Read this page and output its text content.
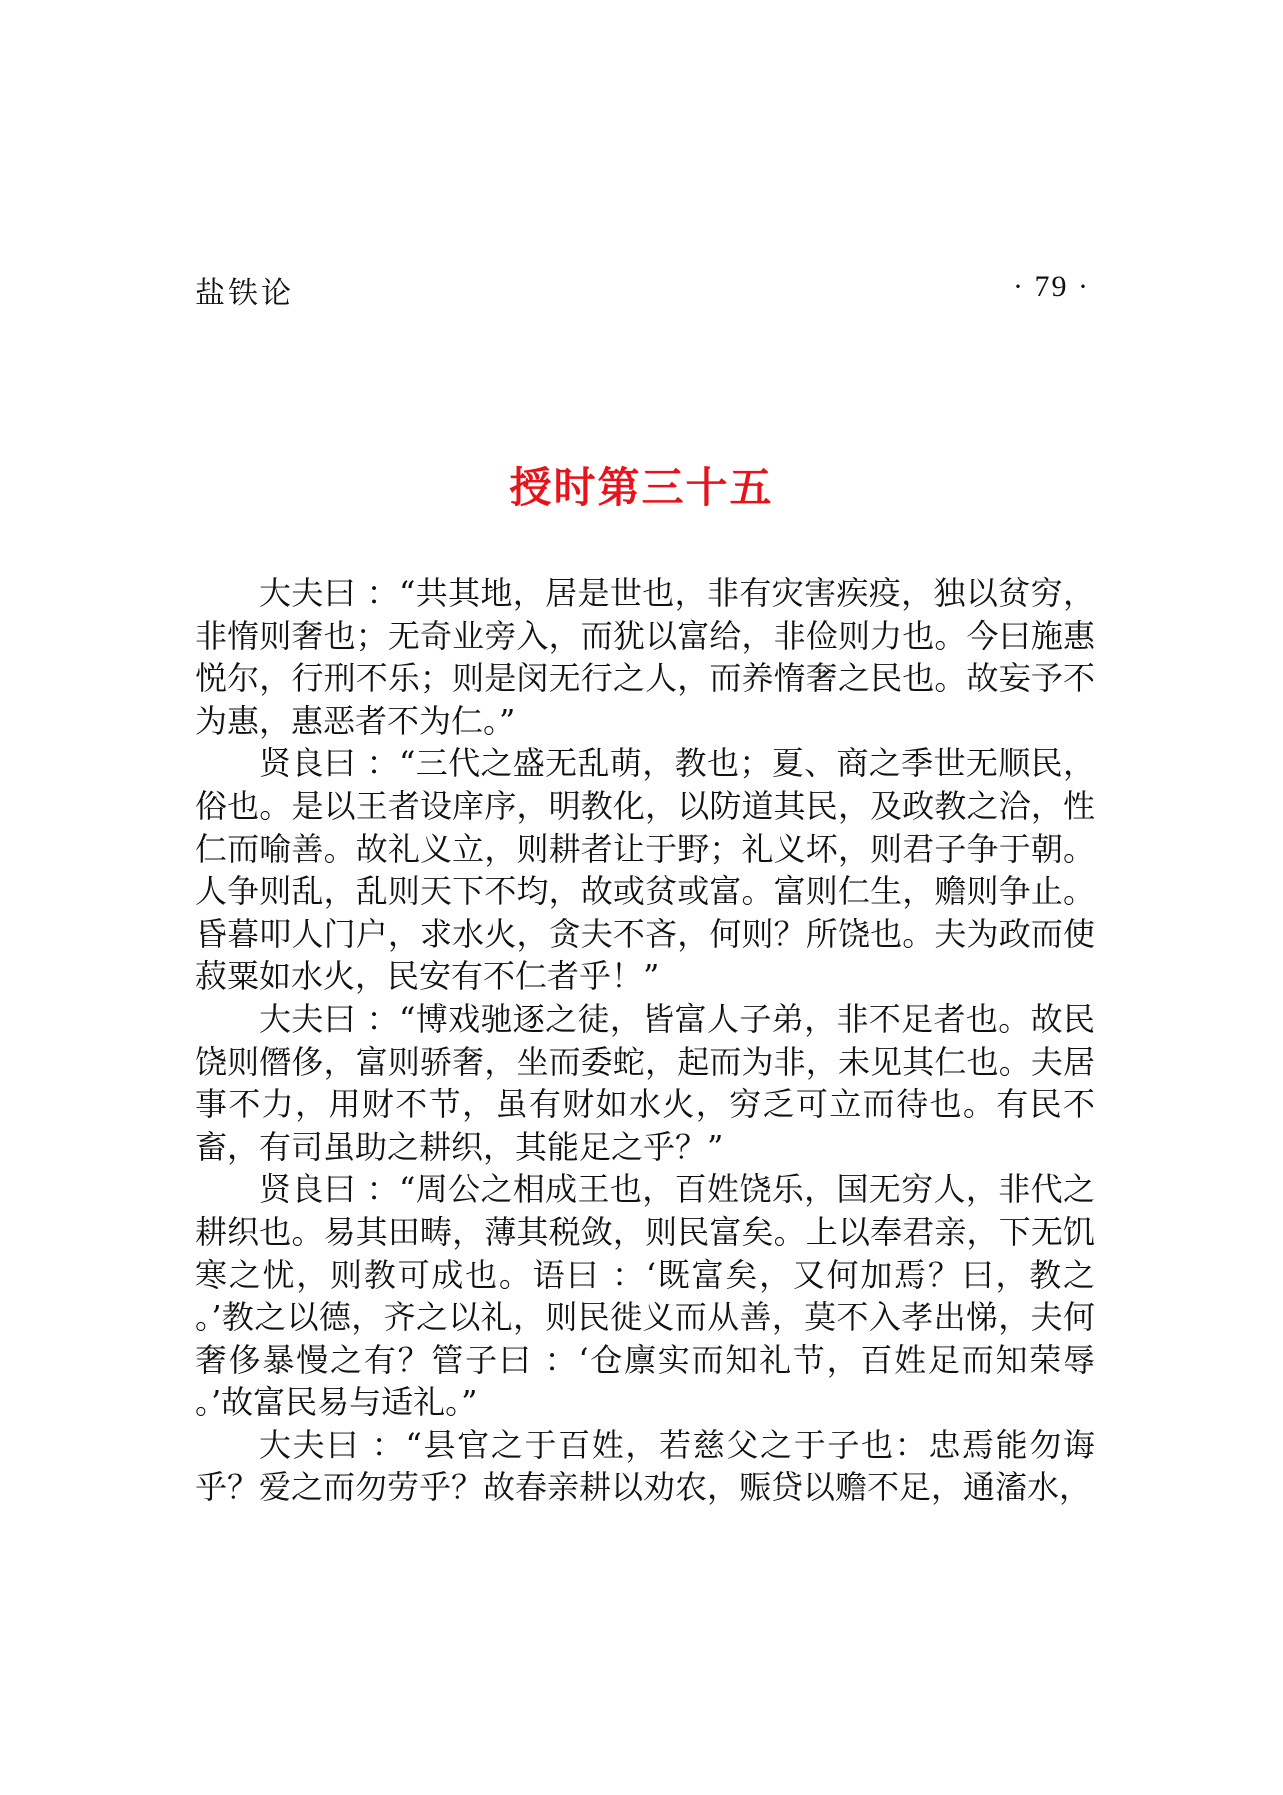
盐铁论	· 79 ·
授时第三十五

大夫曰 ：“共其地，居是世也，非有灾害疾疫，独以贫穷，非惰则奢也；无奇业旁入，而犹以富给，非俭则力也。今曰施惠悦尔，行刑不乐；则是闵无行之人，而养惰奢之民也。故妄予不为惠，惠恶者不为仁。”

贤良曰 ：“三代之盛无乱萌，教也；夏、商之季世无顺民，俗也。是以王者设庠序，明教化，以防道其民，及政教之洽，性仁而喻善。故礼义立，则耕者让于野；礼义坏，则君子争于朝。人争则乱，乱则天下不均，故或贫或富。富则仁生，赡则争止。昏暮叩人门户，求水火，贪夫不吝，何则？所饶也。夫为政而使菽粟如水火，民安有不仁者乎！”

大夫曰 ：“博戏驰逐之徒，皆富人子弟，非不足者也。故民饶则僭侈，富则骄奢，坐而委蛇，起而为非，未见其仁也。夫居事不力，用财不节，虽有财如水火，穷乏可立而待也。有民不畜，有司虽助之耕织，其能足之乎？”

贤良曰 ：“周公之相成王也，百姓饶乐，国无穷人，非代之耕织也。易其田畴，薄其税敛，则民富矣。上以奉君亲，下无饥寒之忧，则教可成也。语曰 ：‘既富矣，又何加焉？曰，教之 。’教之以德，齐之以礼，则民徙义而从善，莫不入孝出悌，夫何奢侈暴慢之有？管子曰 ：‘仓廪实而知礼节，百姓足而知荣辱 。’故富民易与适礼。”

大夫曰 ：“县官之于百姓，若慈父之于子也：忠焉能勿诲乎？爱之而勿劳乎？故春亲耕以劝农，赈贷以赡不足，通滀水，
